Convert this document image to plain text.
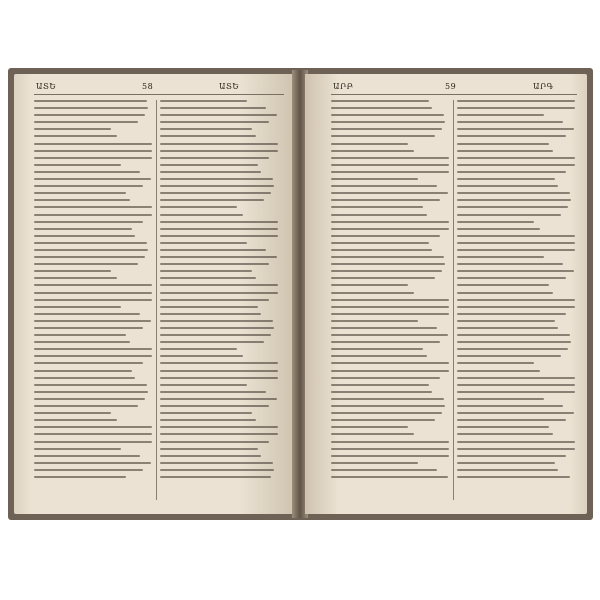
ԱՏԵ	58	ԱՏԵ	ԱՐԲ	59	ԱՐԳ
